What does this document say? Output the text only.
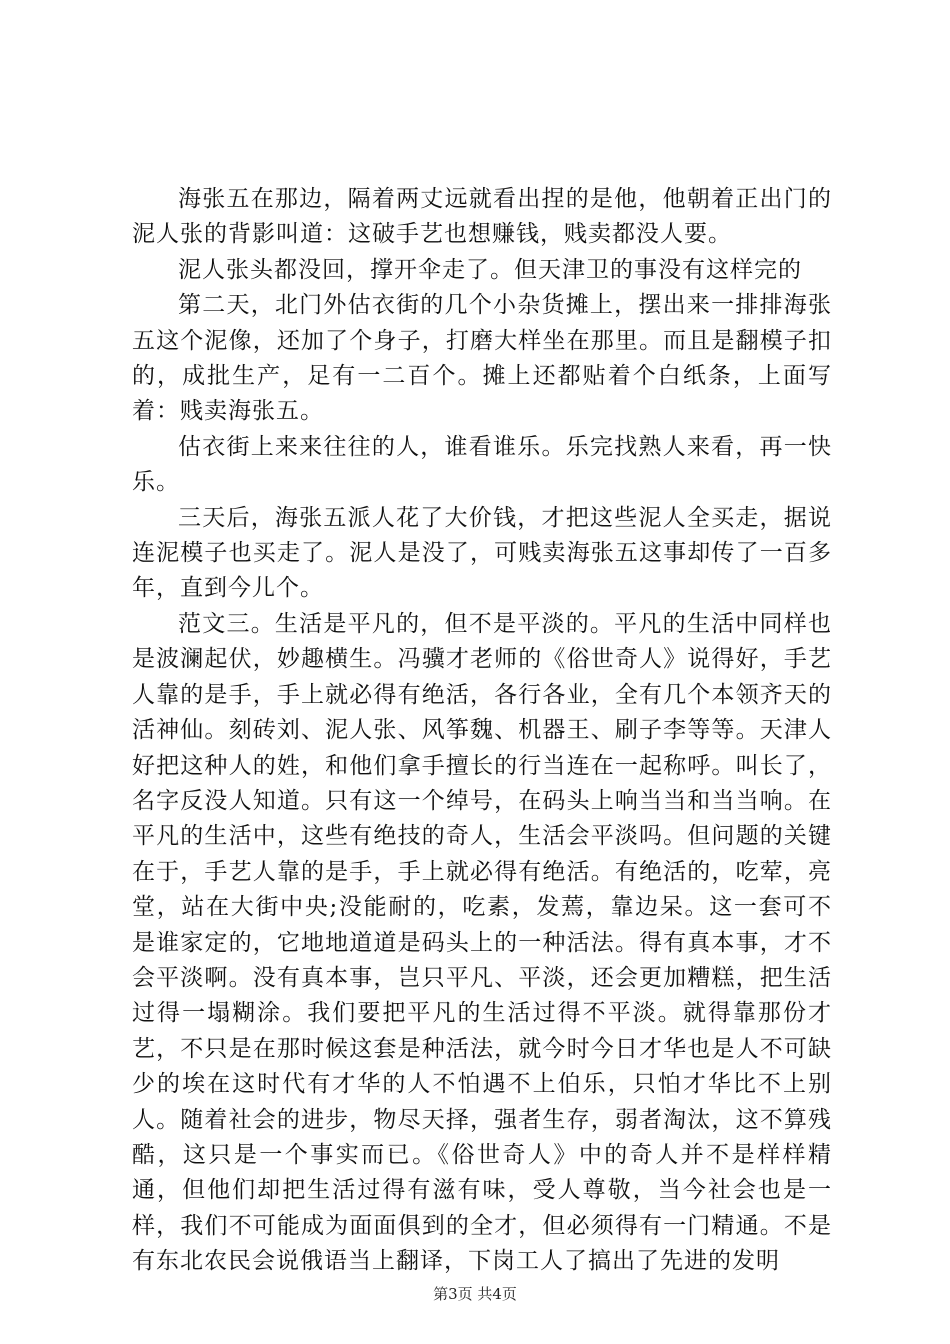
海张五在那边，隔着两丈远就看出捏的是他，他朝着正出门的泥人张的背影叫道：这破手艺也想赚钱，贱卖都没人要。

泥人张头都没回，撑开伞走了。但天津卫的事没有这样完的

第二天，北门外估衣街的几个小杂货摊上，摆出来一排排海张五这个泥像，还加了个身子，打磨大样坐在那里。而且是翻模子扣的，成批生产，足有一二百个。摊上还都贴着个白纸条，上面写着：贱卖海张五。

估衣街上来来往往的人，谁看谁乐。乐完找熟人来看，再一快乐。

三天后，海张五派人花了大价钱，才把这些泥人全买走，据说连泥模子也买走了。泥人是没了，可贱卖海张五这事却传了一百多年，直到今儿个。

范文三。生活是平凡的，但不是平淡的。平凡的生活中同样也是波澜起伏，妙趣横生。冯骥才老师的《俗世奇人》说得好，手艺人靠的是手，手上就必得有绝活，各行各业，全有几个本领齐天的活神仙。刻砖刘、泥人张、风筝魏、机器王、刷子李等等。天津人好把这种人的姓，和他们拿手擅长的行当连在一起称呼。叫长了，名字反没人知道。只有这一个绰号，在码头上响当当和当当响。在平凡的生活中，这些有绝技的奇人，生活会平淡吗。但问题的关键在于，手艺人靠的是手，手上就必得有绝活。有绝活的，吃荤，亮堂，站在大街中央;没能耐的，吃素，发蔫，靠边呆。这一套可不是谁家定的，它地地道道是码头上的一种活法。得有真本事，才不会平淡啊。没有真本事，岂只平凡、平淡，还会更加糟糕，把生活过得一塌糊涂。我们要把平凡的生活过得不平淡。就得靠那份才艺，不只是在那时候这套是种活法，就今时今日才华也是人不可缺少的埃在这时代有才华的人不怕遇不上伯乐，只怕才华比不上别人。随着社会的进步，物尽天择，强者生存，弱者淘汰，这不算残酷，这只是一个事实而已。《俗世奇人》中的奇人并不是样样精通，但他们却把生活过得有滋有味，受人尊敬，当今社会也是一样，我们不可能成为面面俱到的全才，但必须得有一门精通。不是有东北农民会说俄语当上翻译，下岗工人了搞出了先进的发明

第3页 共4页
